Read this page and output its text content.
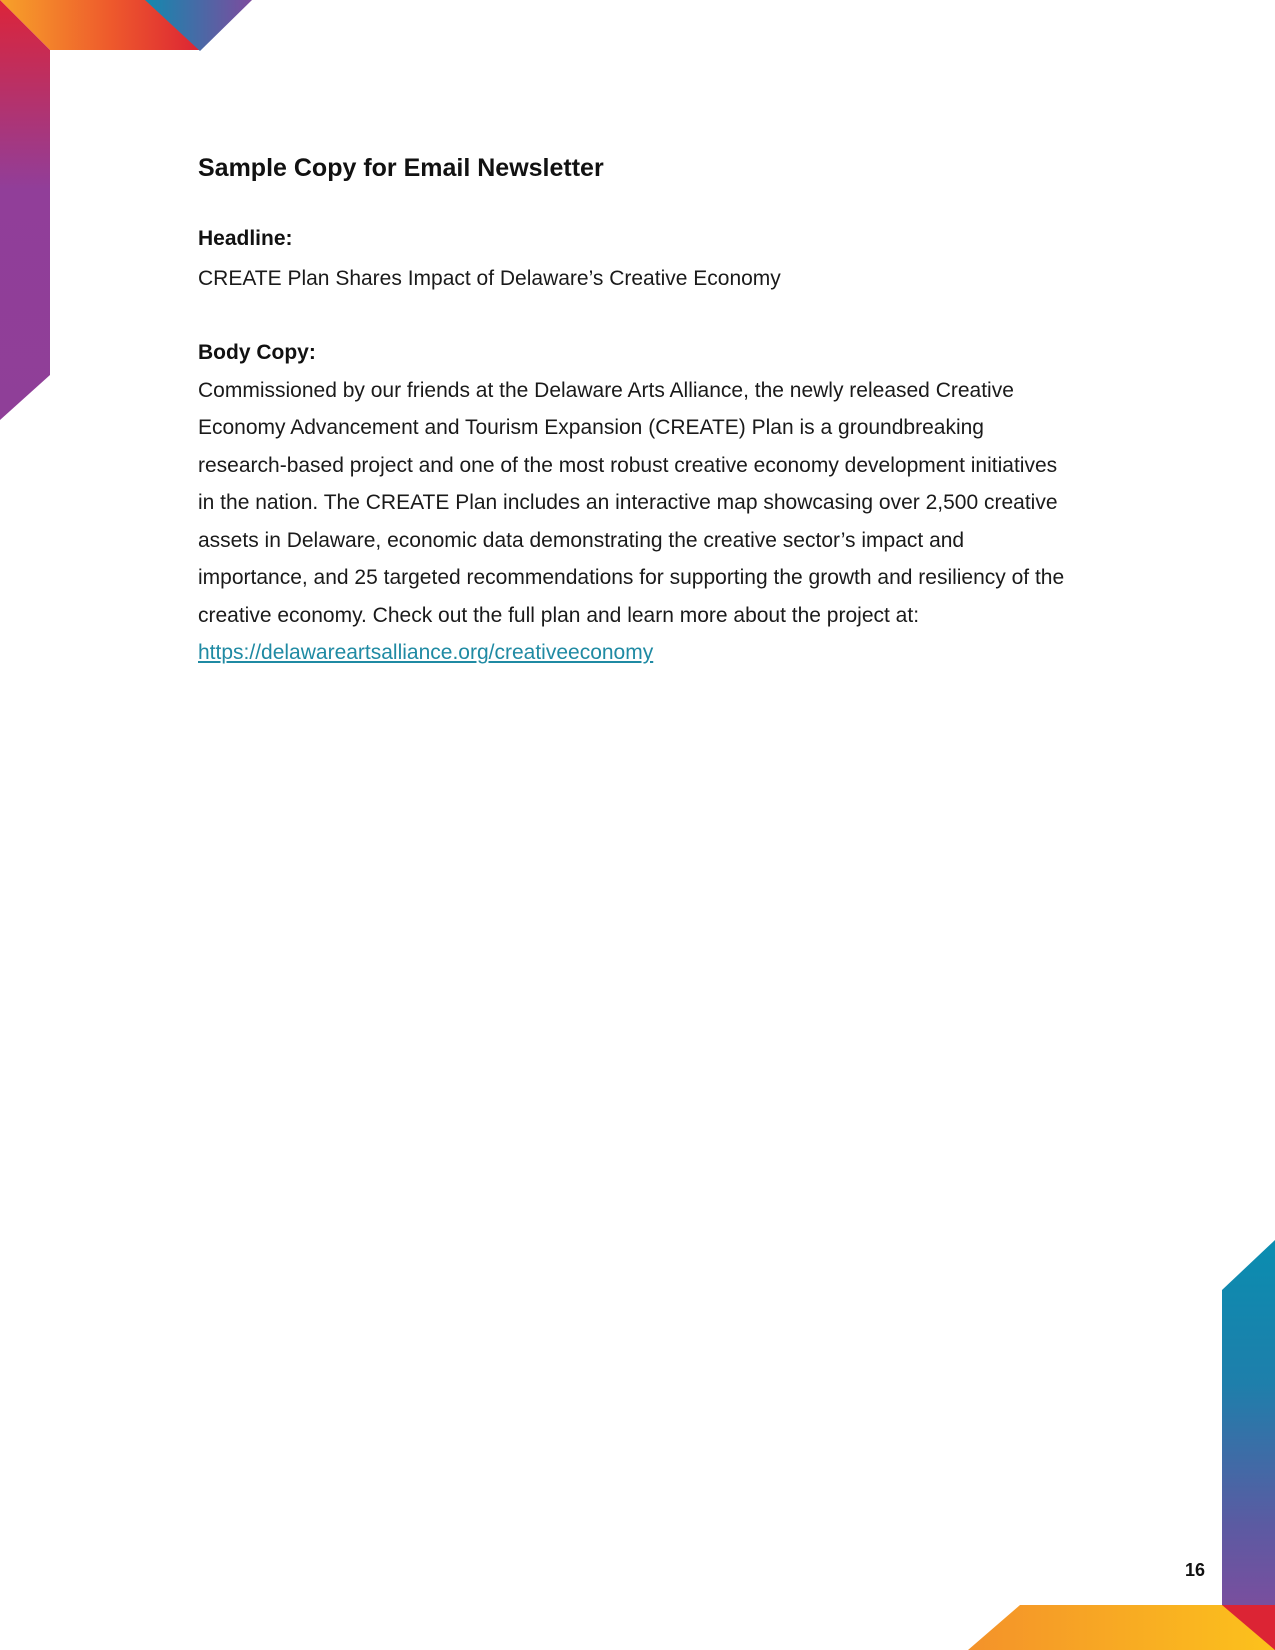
Sample Copy for Email Newsletter
Headline:

CREATE Plan Shares Impact of Delaware’s Creative Economy

Body Copy:

Commissioned by our friends at the Delaware Arts Alliance, the newly released Creative Economy Advancement and Tourism Expansion (CREATE) Plan is a groundbreaking research-based project and one of the most robust creative economy development initiatives in the nation. The CREATE Plan includes an interactive map showcasing over 2,500 creative assets in Delaware, economic data demonstrating the creative sector’s impact and importance, and 25 targeted recommendations for supporting the growth and resiliency of the creative economy. Check out the full plan and learn more about the project at:

https://delawareartsalliance.org/creativeeconomy
16
